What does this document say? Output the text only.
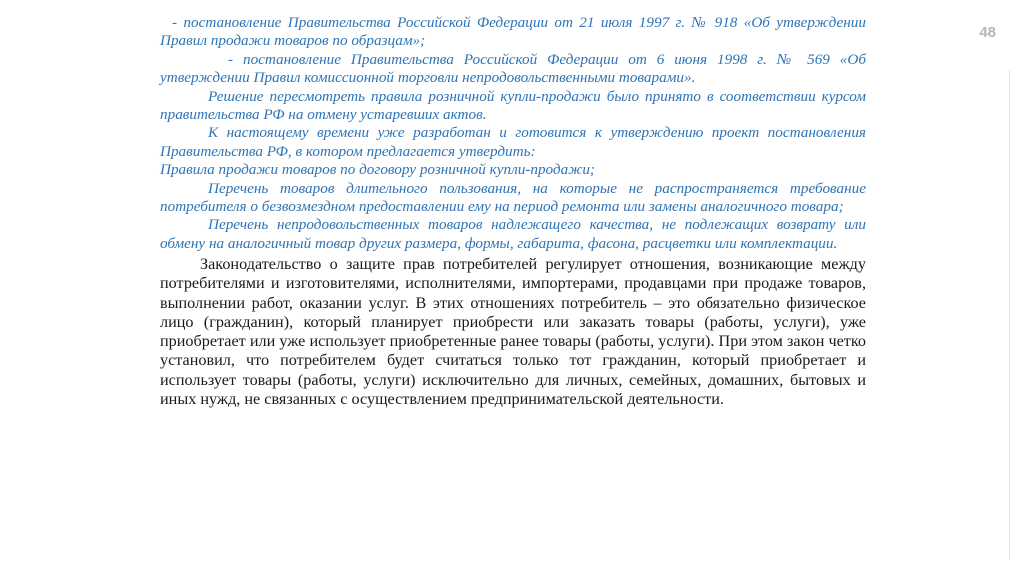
48

- постановление Правительства Российской Федерации от 21 июля 1997 г. № 918 «Об утверждении Правил продажи товаров по образцам»;

- постановление Правительства Российской Федерации от 6 июня 1998 г. № 569 «Об утверждении Правил комиссионной торговли непродовольственными товарами».

Решение пересмотреть правила розничной купли-продажи было принято в соответствии курсом правительства РФ на отмену устаревших актов.

К настоящему времени уже разработан и готовится к утверждению проект постановления Правительства РФ, в котором предлагается утвердить:

Правила продажи товаров по договору розничной купли-продажи;

Перечень товаров длительного пользования, на которые не распространяется требование потребителя о безвозмездном предоставлении ему на период ремонта или замены аналогичного товара;

Перечень непродовольственных товаров надлежащего качества, не подлежащих возврату или обмену на аналогичный товар других размера, формы, габарита, фасона, расцветки или комплектации.

Законодательство о защите прав потребителей регулирует отношения, возникающие между потребителями и изготовителями, исполнителями, импортерами, продавцами при продаже товаров, выполнении работ, оказании услуг. В этих отношениях потребитель – это обязательно физическое лицо (гражданин), который планирует приобрести или заказать товары (работы, услуги), уже приобретает или уже использует приобретенные ранее товары (работы, услуги). При этом закон четко установил, что потребителем будет считаться только тот гражданин, который приобретает и использует товары (работы, услуги) исключительно для личных, семейных, домашних, бытовых и иных нужд, не связанных с осуществлением предпринимательской деятельности.
